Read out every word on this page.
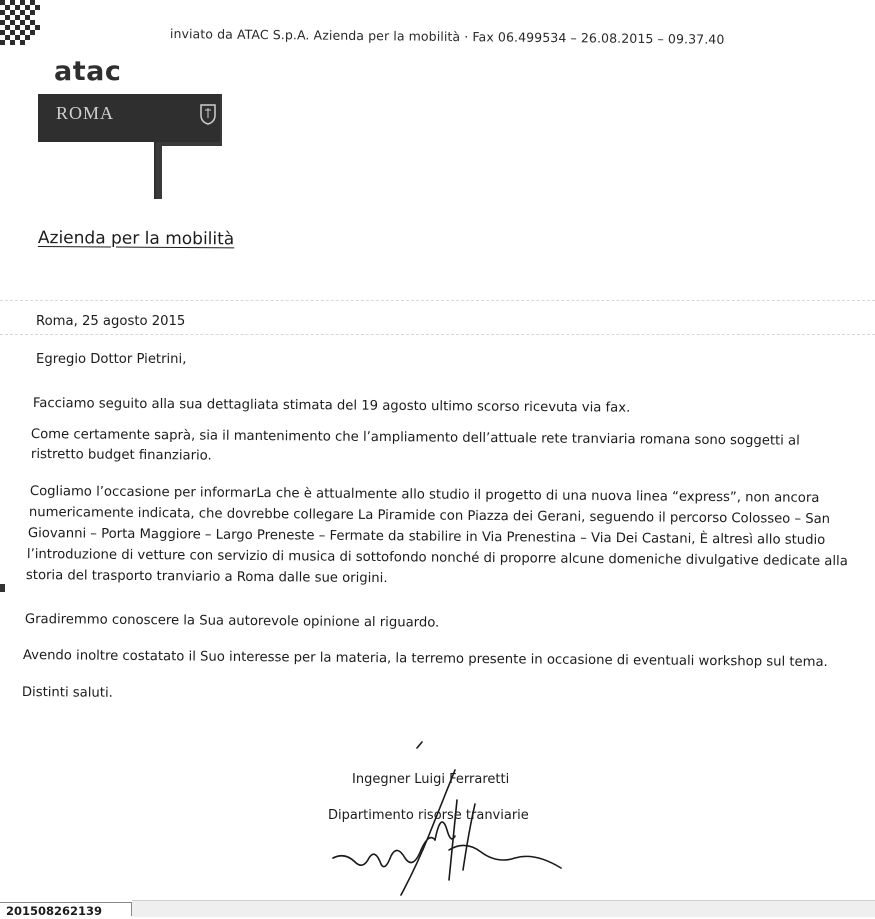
inviato da ATAC S.p.A. Azienda per la mobilità · Fax 06.499534 – 26.08.2015 – 09.37.40
atac
ROMA
Azienda per la mobilità
Roma, 25 agosto 2015
Egregio Dottor Pietrini,
Facciamo seguito alla sua dettagliata stimata del 19 agosto ultimo scorso ricevuta via fax.
Come certamente saprà, sia il mantenimento che l’ampliamento dell’attuale rete tranviaria romana sono soggetti al
ristretto budget finanziario.
Cogliamo l’occasione per informarLa che è attualmente allo studio il progetto di una nuova linea “express”, non ancora
numericamente indicata, che dovrebbe collegare La Piramide con Piazza dei Gerani, seguendo il percorso Colosseo – San
Giovanni – Porta Maggiore – Largo Preneste – Fermate da stabilire in Via Prenestina – Via Dei Castani, È altresì allo studio
l’introduzione di vetture con servizio di musica di sottofondo nonché di proporre alcune domeniche divulgative dedicate alla
storia del trasporto tranviario a Roma dalle sue origini.
Gradiremmo conoscere la Sua autorevole opinione al riguardo.
Avendo inoltre costatato il Suo interesse per la materia, la terremo presente in occasione di eventuali workshop sul tema.
Distinti saluti.
Ingegner Luigi Ferraretti
Dipartimento risorse tranviarie
201508262139
